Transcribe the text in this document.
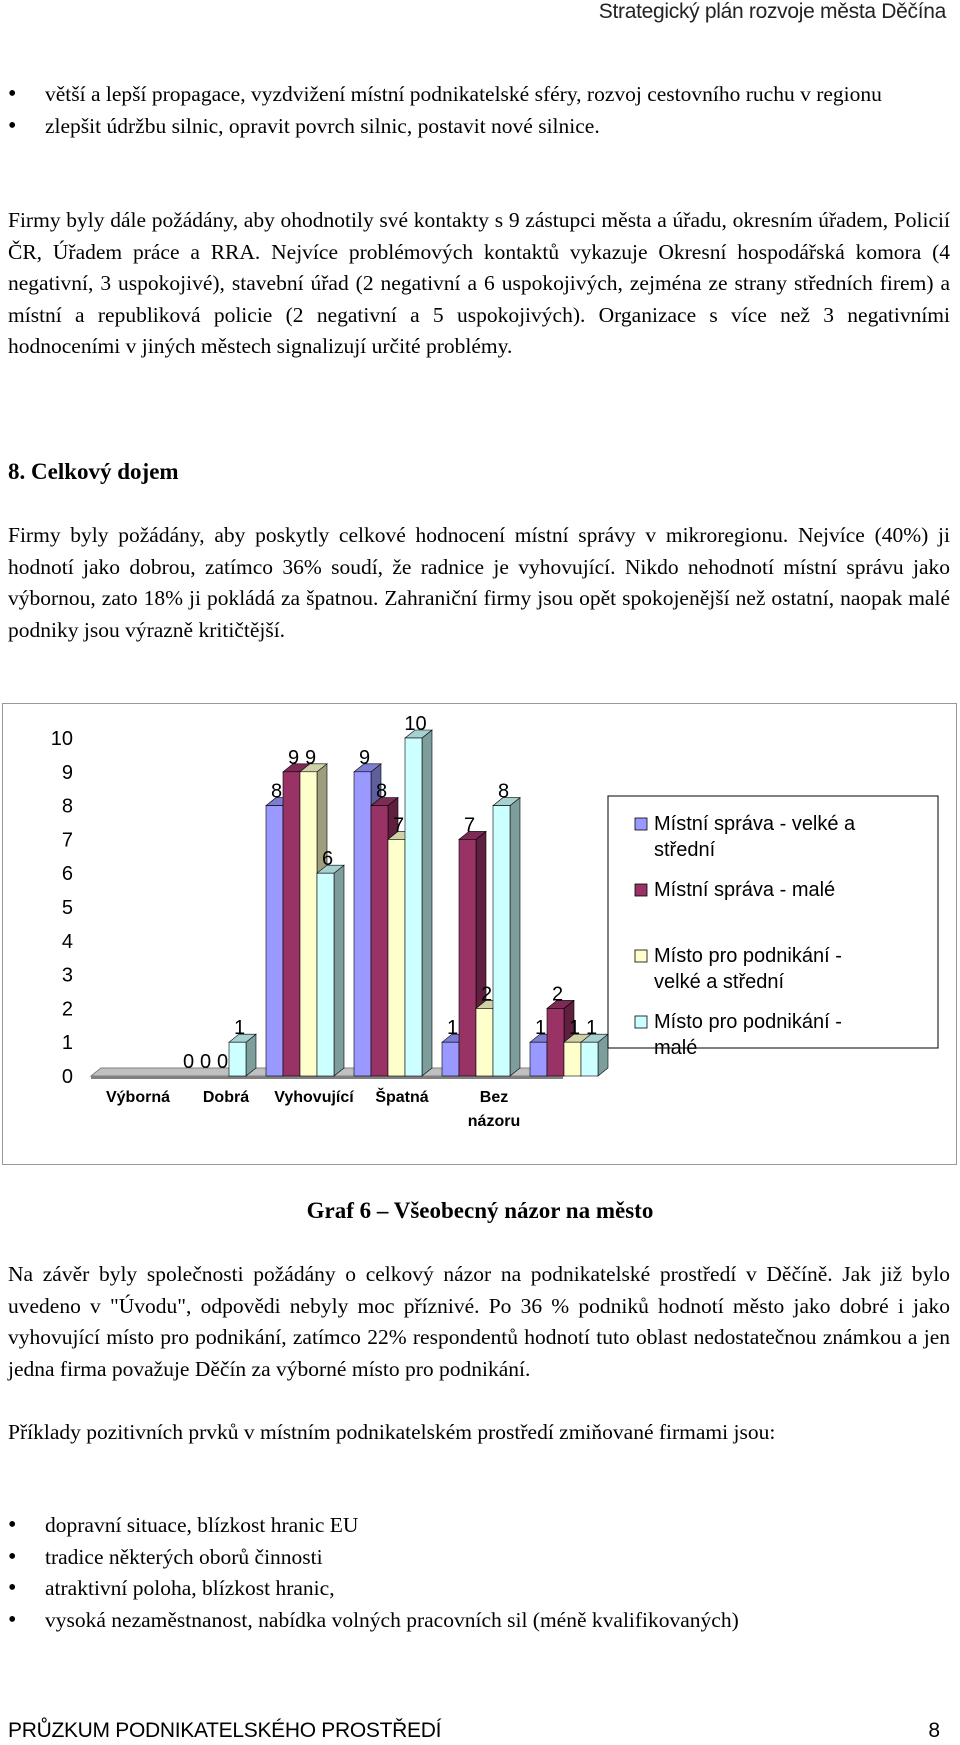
Strategický plán rozvoje města Děčína
• větší a lepší propagace, vyzdvižení místní podnikatelské sféry, rozvoj cestovního ruchu v regionu
• zlepšit údržbu silnic, opravit povrch silnic, postavit nové silnice.
Firmy byly dále požádány, aby ohodnotily své kontakty s 9 zástupci města a úřadu, okresním úřadem, Policií ČR, Úřadem práce a RRA. Nejvíce problémových kontaktů vykazuje Okresní hospodářská komora (4 negativní, 3 uspokojivé), stavební úřad (2 negativní a 6 uspokojivých, zejména ze strany středních firem) a místní a republiková policie (2 negativní a 5 uspokojivých). Organizace s více než 3 negativními hodnoceními v jiných městech signalizují určité problémy.
8. Celkový dojem
Firmy byly požádány, aby poskytly celkové hodnocení místní správy v mikroregionu. Nejvíce (40%) ji hodnotí jako dobrou, zatímco 36% soudí, že radnice je vyhovující. Nikdo nehodnotí místní správu jako výbornou, zato 18% ji pokládá za špatnou. Zahraniční firmy jsou opět spokojenější než ostatní, naopak malé podniky jsou výrazně kritičtější.
0
1
2
3
4
5
6
7
8
9
10
0
8
9
1	1
0
9
8
7
2
0
9
7
2
1
1
6
10
8
1
Výborná Dobrá Vyhovující Špatná	Bez
názoru
Místní správa - velké a
střední
Místní správa - malé
Místo pro podnikání -
velké a střední
Místo pro podnikání -
malé
Graf 6 – Všeobecný názor na město
Na závěr byly společnosti požádány o celkový názor na podnikatelské prostředí v Děčíně. Jak již bylo uvedeno v "Úvodu", odpovědi nebyly moc příznivé. Po 36 % podniků hodnotí město jako dobré i jako vyhovující místo pro podnikání, zatímco 22% respondentů hodnotí tuto oblast nedostatečnou známkou a jen jedna firma považuje Děčín za výborné místo pro podnikání.
Příklady pozitivních prvků v místním podnikatelském prostředí zmiňované firmami jsou:
• dopravní situace, blízkost hranic EU
• tradice některých oborů činnosti
• atraktivní poloha, blízkost hranic,
• vysoká nezaměstnanost, nabídka volných pracovních sil (méně kvalifikovaných)
PRŮZKUM PODNIKATELSKÉHO PROSTŘEDÍ	8
